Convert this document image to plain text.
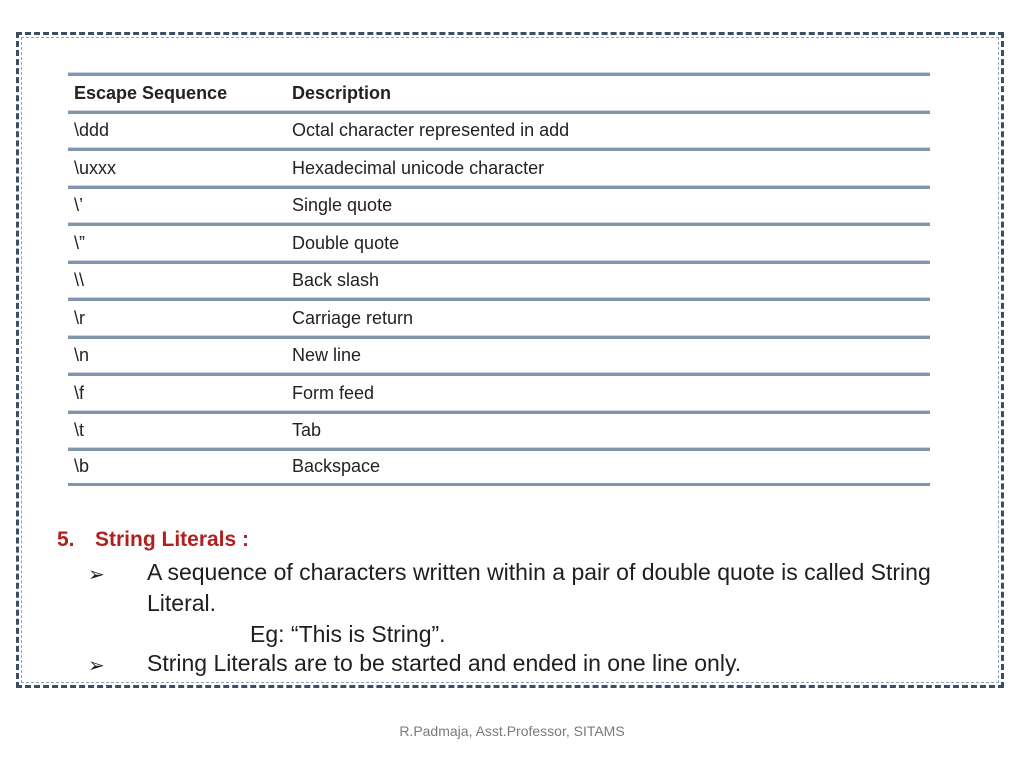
Escape Sequence	Description
\ddd	Octal character represented in add
\uxxx	Hexadecimal unicode character
\’	Single quote
\”	Double quote
\\	Back slash
\r	Carriage return
\n	New line
\f	Form feed
\t	Tab
\b	Backspace
5. String Literals :
➢ A sequence of characters written within a pair of double quote is called String
Literal.
Eg: “This is String”.
➢ String Literals are to be started and ended in one line only.
R.Padmaja, Asst.Professor, SITAMS
